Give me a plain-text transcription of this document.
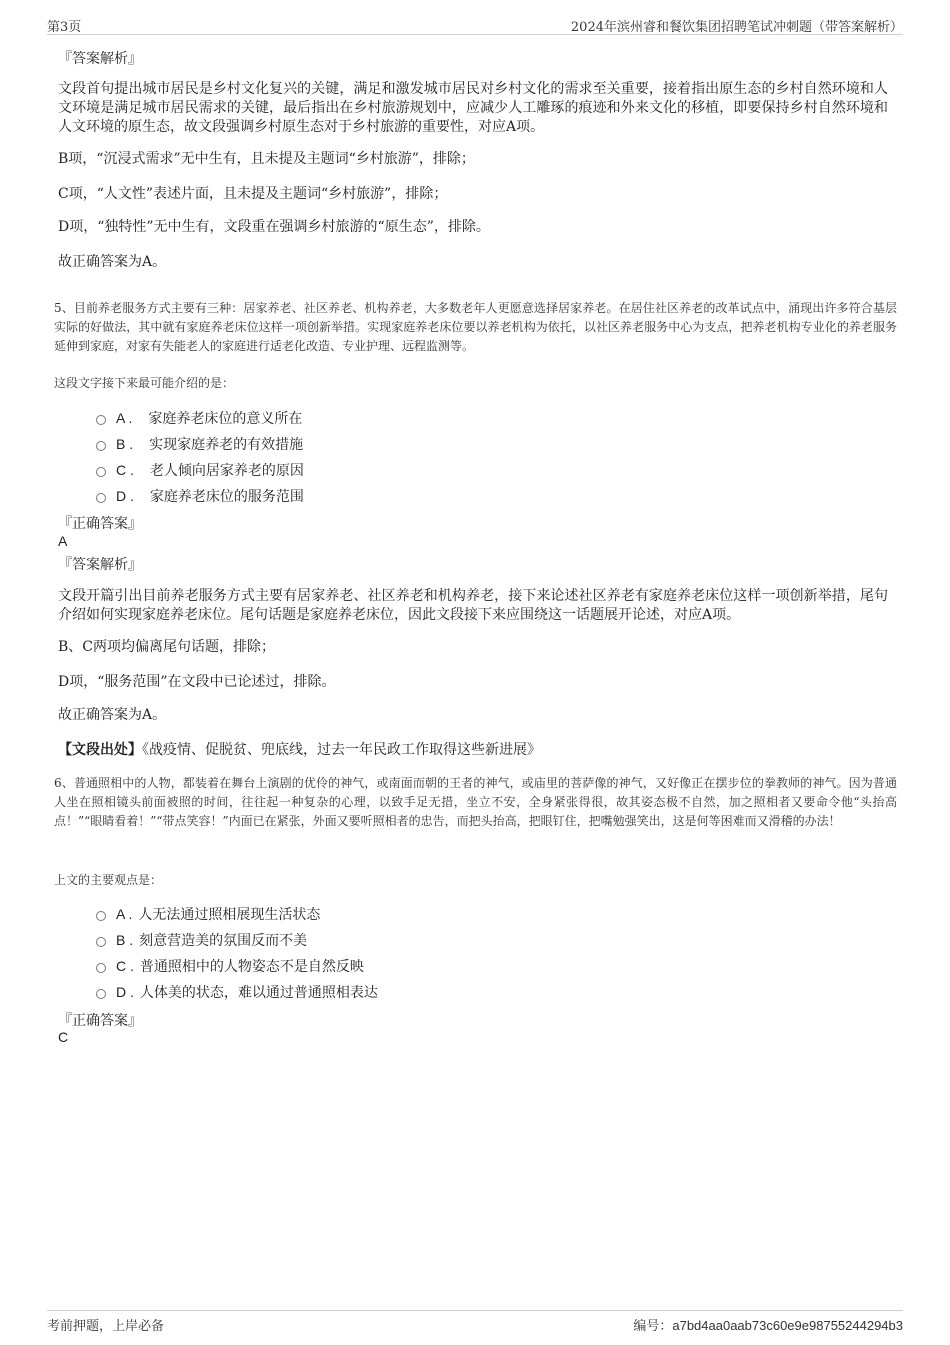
第3页	2024年滨州睿和餐饮集团招聘笔试冲刺题（带答案解析）
『答案解析』
文段首句提出城市居民是乡村文化复兴的关键，满足和激发城市居民对乡村文化的需求至关重要，接着指出原生态的乡村自然环境和人文环境是满足城市居民需求的关键，最后指出在乡村旅游规划中，应减少人工雕琢的痕迹和外来文化的移植，即要保持乡村自然环境和人文环境的原生态，故文段强调乡村原生态对于乡村旅游的重要性，对应A项。
B项，“沉浸式需求”无中生有，且未提及主题词“乡村旅游”，排除；
C项，“人文性”表述片面，且未提及主题词“乡村旅游”，排除；
D项，“独特性”无中生有，文段重在强调乡村旅游的“原生态”，排除。
故正确答案为A。
5、目前养老服务方式主要有三种：居家养老、社区养老、机构养老，大多数老年人更愿意选择居家养老。在居住社区养老的改革试点中，涌现出许多符合基层实际的好做法，其中就有家庭养老床位这样一项创新举措。实现家庭养老床位要以养老机构为依托，以社区养老服务中心为支点，把养老机构专业化的养老服务延伸到家庭，对家有失能老人的家庭进行适老化改造、专业护理、远程监测等。
这段文字接下来最可能介绍的是：
A . 家庭养老床位的意义所在
B . 实现家庭养老的有效措施
C . 老人倾向居家养老的原因
D . 家庭养老床位的服务范围
『正确答案』
A
『答案解析』
文段开篇引出目前养老服务方式主要有居家养老、社区养老和机构养老，接下来论述社区养老有家庭养老床位这样一项创新举措，尾句介绍如何实现家庭养老床位。尾句话题是家庭养老床位，因此文段接下来应围绕这一话题展开论述，对应A项。
B、C两项均偏离尾句话题，排除；
D项，“服务范围”在文段中已论述过，排除。
故正确答案为A。
【文段出处】《战疫情、促脱贫、兜底线，过去一年民政工作取得这些新进展》
6、普通照相中的人物，都装着在舞台上演剧的优伶的神气，或南面而朝的王者的神气，或庙里的菩萨像的神气，又好像正在摆步位的拳教师的神气。因为普通人坐在照相镜头前面被照的时间，往往起一种复杂的心理，以致手足无措，坐立不安，全身紧张得很，故其姿态极不自然，加之照相者又要命令他“头抬高点！”“眼睛看着！”“带点笑容！”内面已在紧张，外面又要听照相者的忠告，而把头抬高，把眼钉住，把嘴勉强笑出，这是何等困难而又滑稽的办法！
上文的主要观点是：
A . 人无法通过照相展现生活状态
B . 刻意营造美的氛围反而不美
C . 普通照相中的人物姿态不是自然反映
D . 人体美的状态，难以通过普通照相表达
『正确答案』
C
考前押题，上岸必备	编号：a7bd4aa0aab73c60e9e98755244294b3
